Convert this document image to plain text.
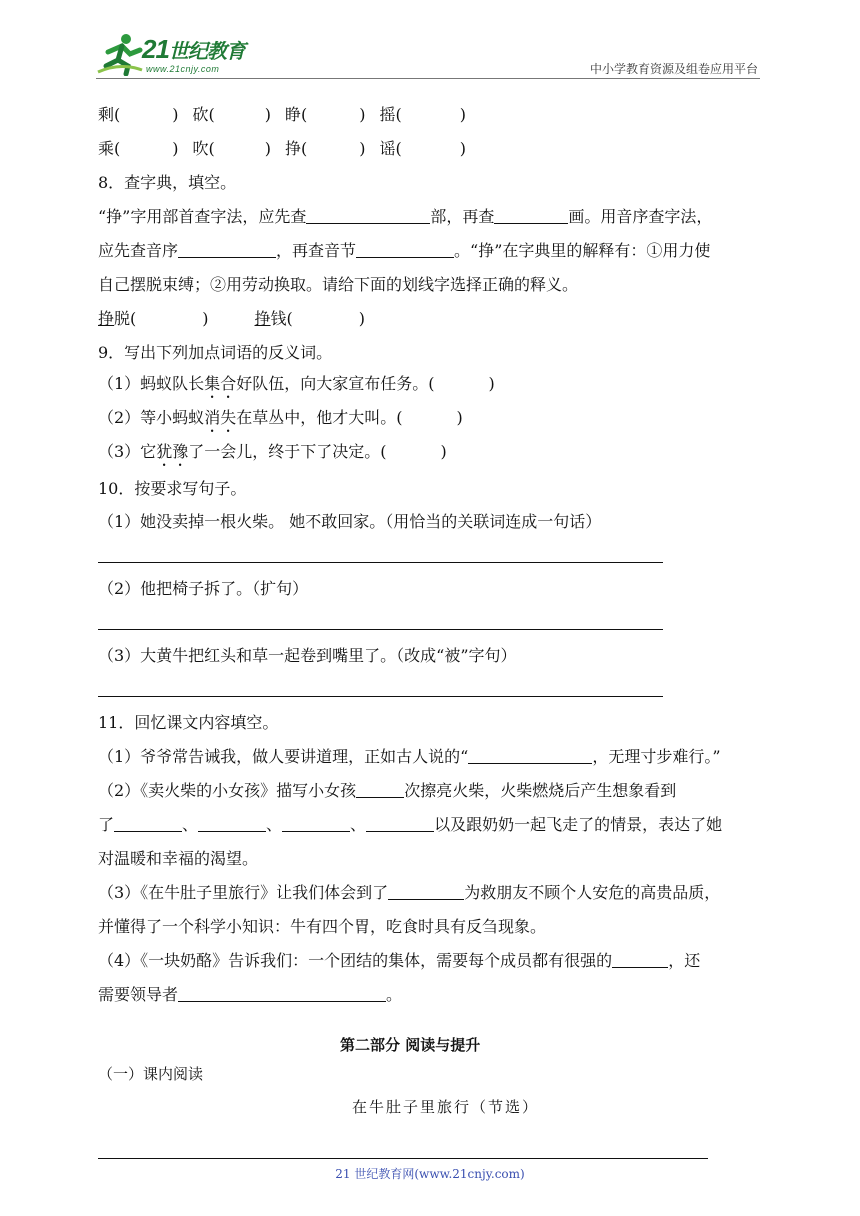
21世纪教育
www.21cnjy.com	中小学教育资源及组卷应用平台
剩(	) 砍(	) 睁(	) 摇(	)
乘(	) 吹(	) 挣(	) 谣(	)
8．查字典，填空。
“挣”字用部首查字法，应先查	部，再查	画。用音序查字法，
应先查音序	，再查音节	。“挣”在字典里的解释有：①用力使
自己摆脱束缚；②用劳动换取。请给下面的划线字选择正确的释义。
挣脱(	)	挣钱(	)
9．写出下列加点词语的反义词。
（1）蚂蚁队长集合好队伍，向大家宣布任务。(	)
（2）等小蚂蚁消失在草丛中，他才大叫。(	)
（3）它犹豫了一会儿，终于下了决定。(	)
10．按要求写句子。
（1）她没卖掉一根火柴。 她不敢回家。（用恰当的关联词连成一句话）
（2）他把椅子拆了。（扩句）
（3）大黄牛把红头和草一起卷到嘴里了。（改成“被”字句）
11．回忆课文内容填空。
（1）爷爷常告诫我，做人要讲道理，正如古人说的“	，无理寸步难行。”
（2）《卖火柴的小女孩》描写小女孩	次擦亮火柴，火柴燃烧后产生想象看到
了	、	、	、	以及跟奶奶一起飞走了的情景，表达了她
对温暖和幸福的渴望。
（3）《在牛肚子里旅行》让我们体会到了	为救朋友不顾个人安危的高贵品质，
并懂得了一个科学小知识：牛有四个胃，吃食时具有反刍现象。
（4）《一块奶酪》告诉我们：一个团结的集体，需要每个成员都有很强的	，还
需要领导者	。
第二部分 阅读与提升
（一）课内阅读
在牛肚子里旅行（节选）
21 世纪教育网(www.21cnjy.com)
